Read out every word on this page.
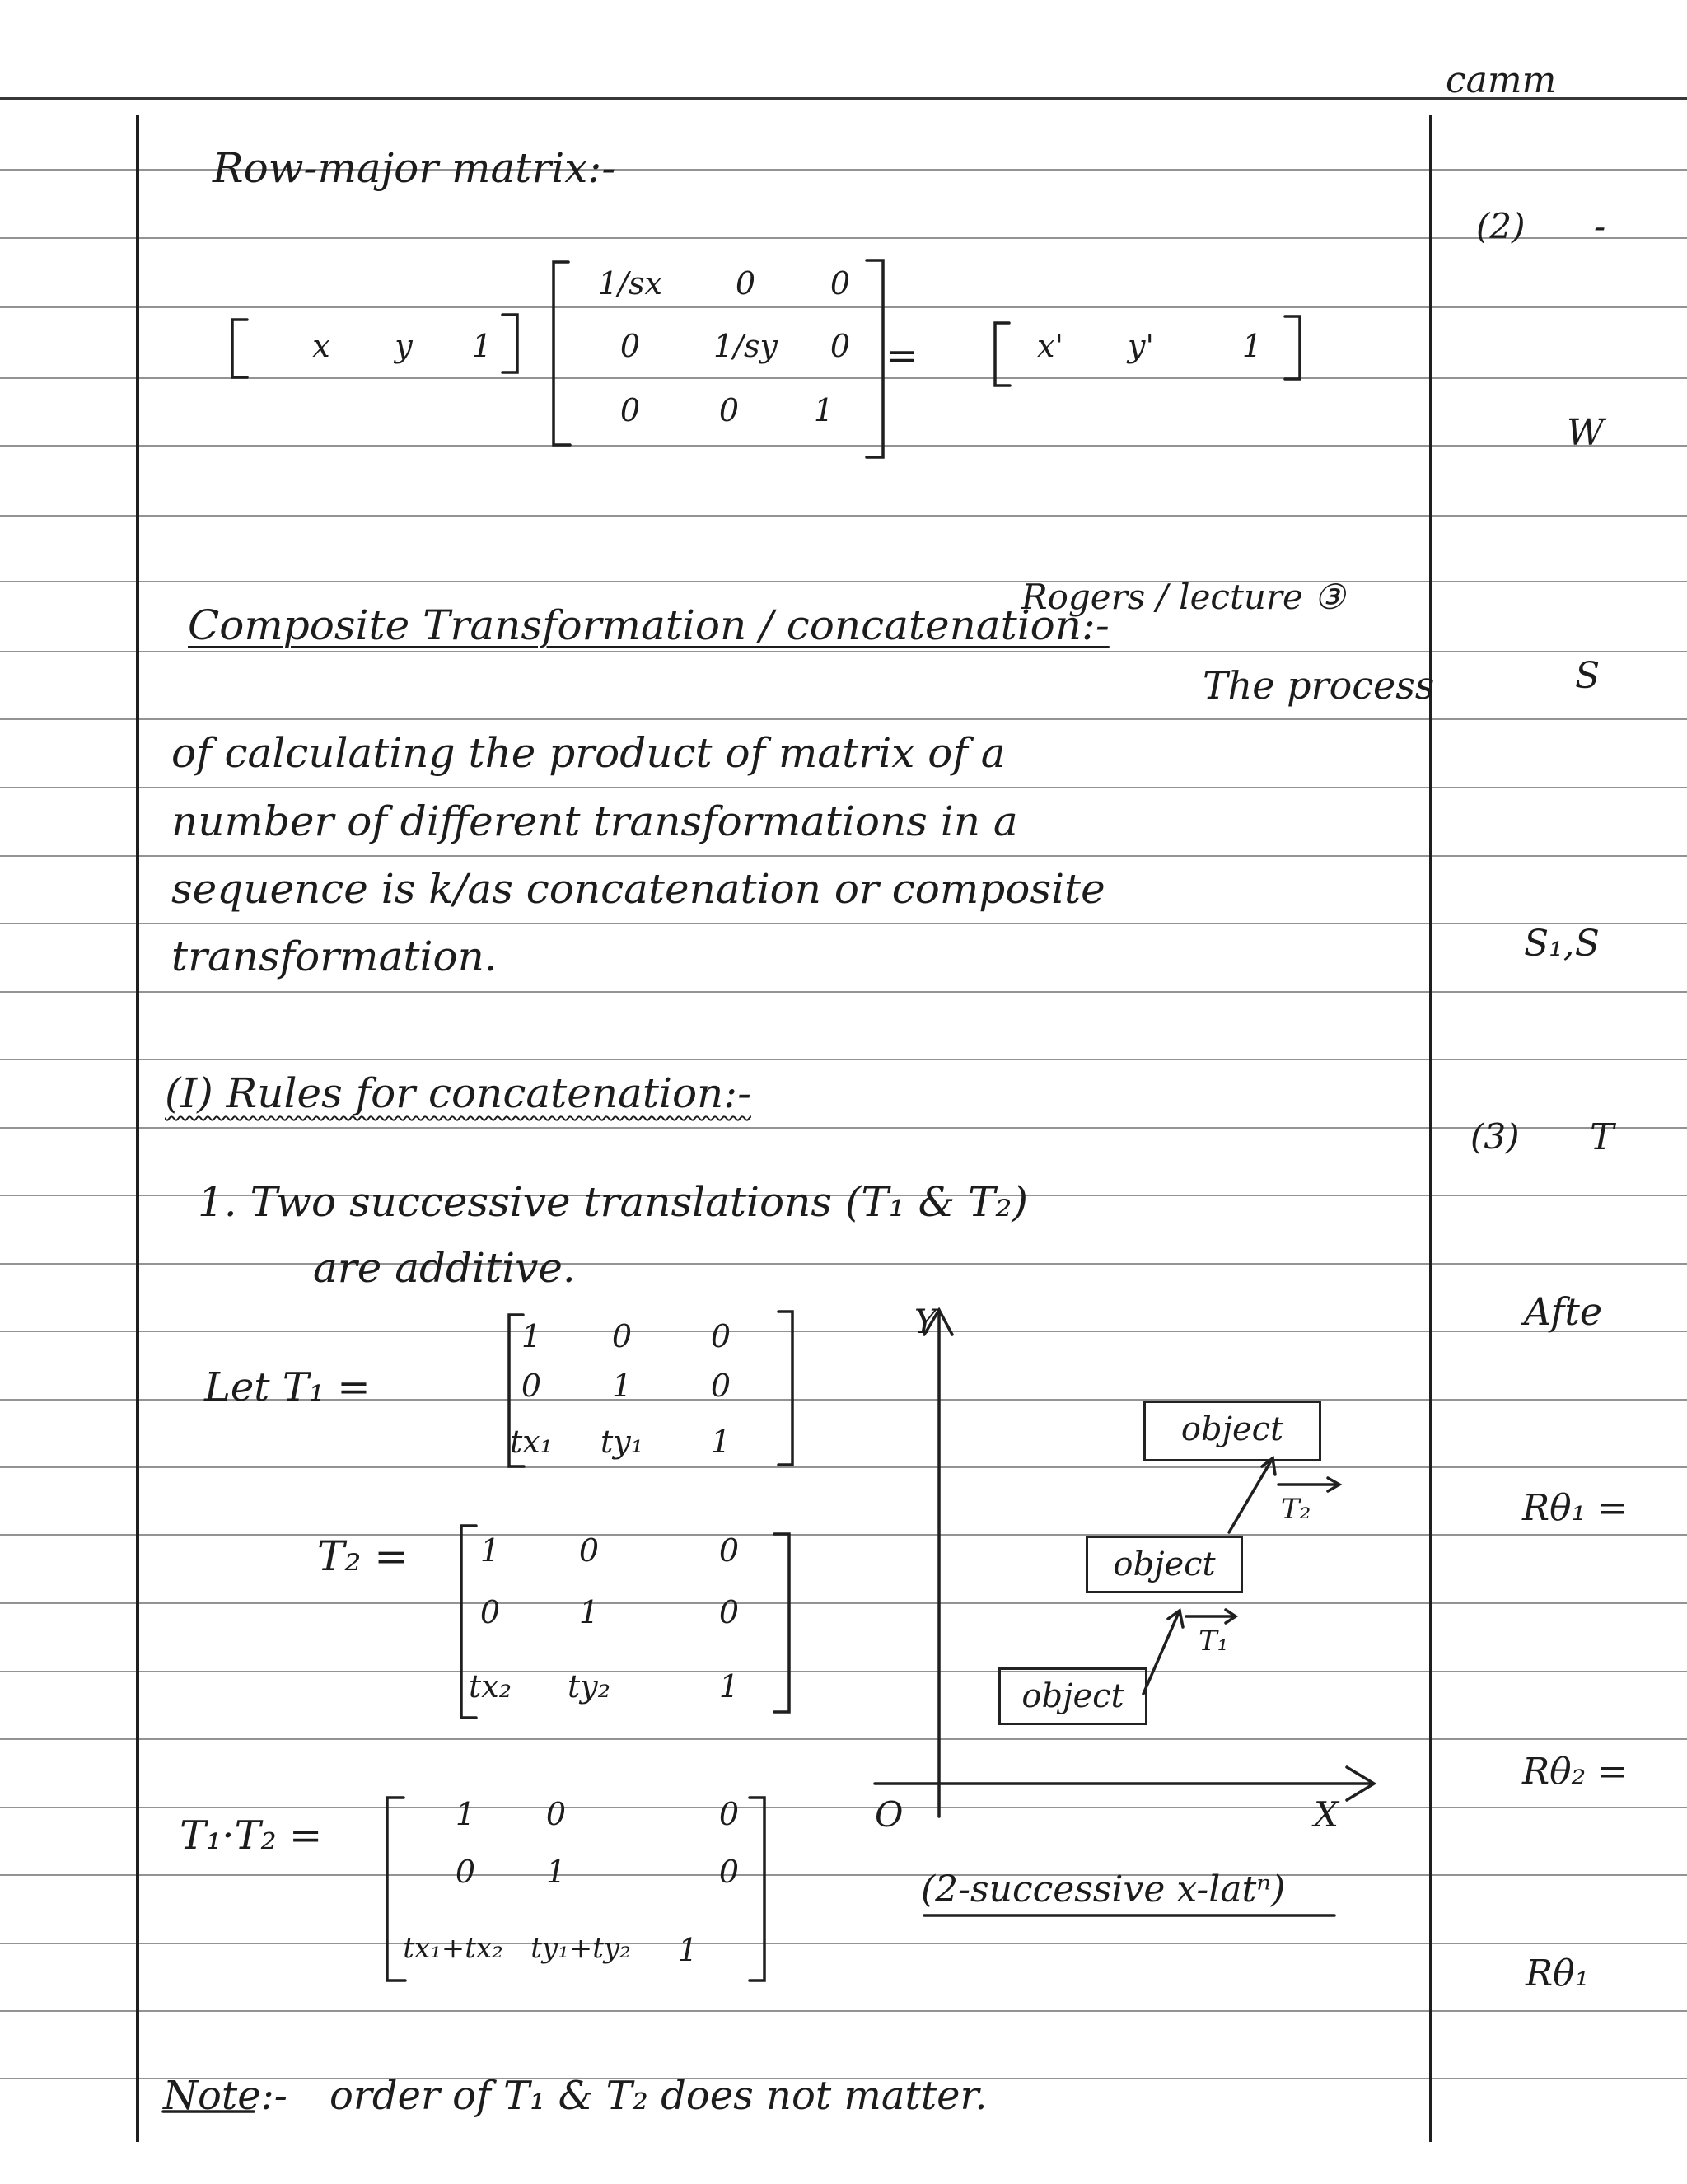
camm
Row-major matrix:-
x	y	1
1/sx	0	0
0	1/sy	0
0	0	1
=	x'	y'	1
Rogers / lecture ③
Composite Transformation / concatenation:-
The process
of calculating the product of matrix of a
number of different transformations in a
sequence is k/as concatenation or composite
transformation.
(I) Rules for concatenation:-
1. Two successive translations (T₁ & T₂)
are additive.
Let T₁ =
1	0	0
0	1	0
tx₁	ty₁	1
T₂ =	1	0	0
0	1	0
tx₂	ty₂	1
T₁·T₂ =	1	0	0
0	1	0
tx₁+tx₂ ty₁+ty₂	1
Y
X
O
object
object
object
T₁
T₂
(2-successive x-latⁿ)
Note:- order of T₁ & T₂ does not matter.
(2) -
W
S
S₁,S
(3) T
Afte
Rθ₁ =
Rθ₂ =
Rθ₁
